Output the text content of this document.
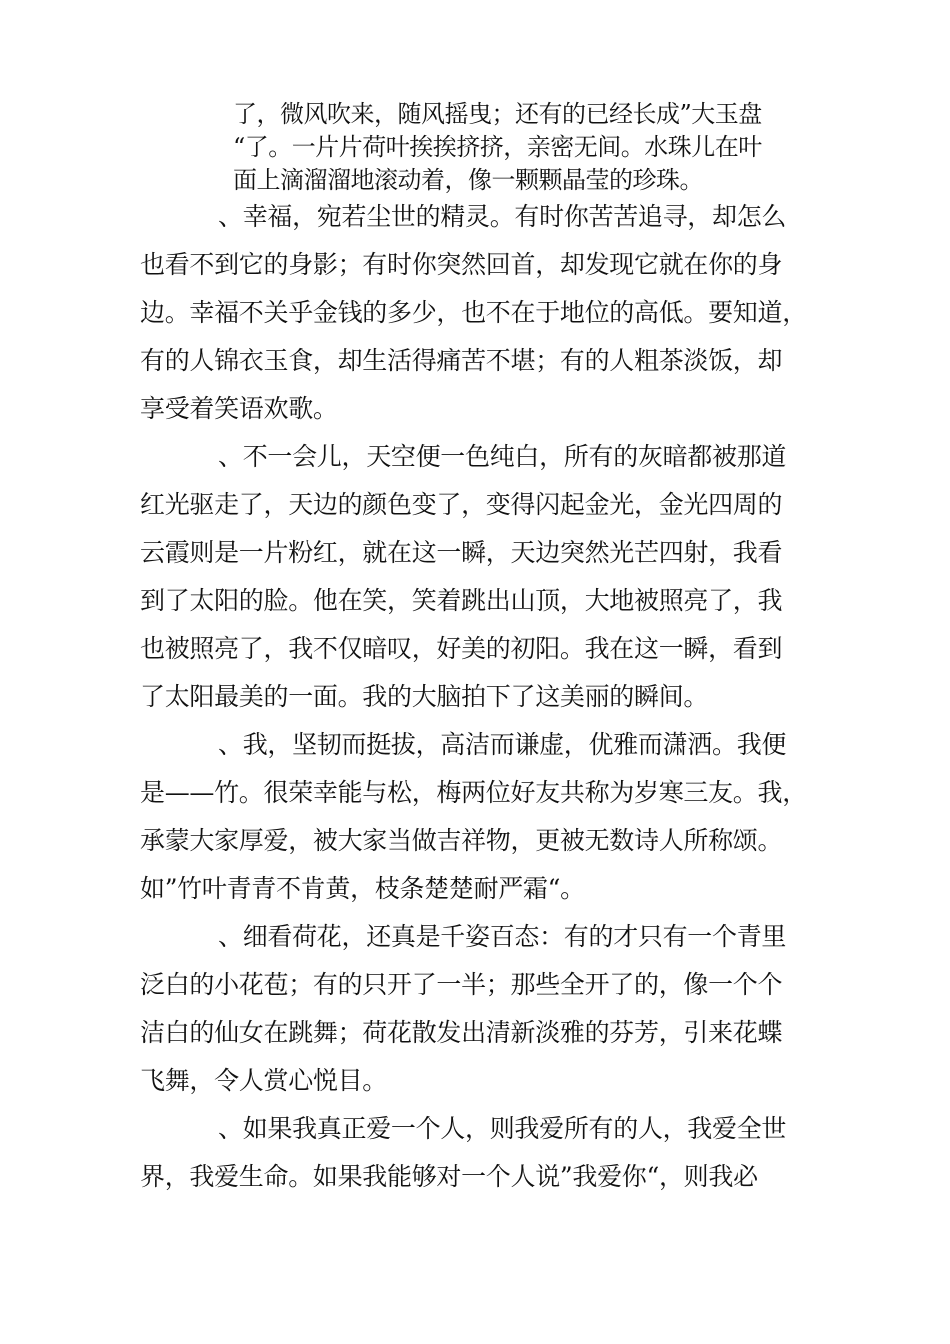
了，微风吹来，随风摇曳；还有的已经长成”大玉盘
“了。一片片荷叶挨挨挤挤，亲密无间。水珠儿在叶
面上滴溜溜地滚动着，像一颗颗晶莹的珍珠。
、幸福，宛若尘世的精灵。有时你苦苦追寻，却怎么
也看不到它的身影；有时你突然回首，却发现它就在你的身
边。幸福不关乎金钱的多少，也不在于地位的高低。要知道，
有的人锦衣玉食，却生活得痛苦不堪；有的人粗茶淡饭，却
享受着笑语欢歌。
、不一会儿，天空便一色纯白，所有的灰暗都被那道
红光驱走了，天边的颜色变了，变得闪起金光，金光四周的
云霞则是一片粉红，就在这一瞬，天边突然光芒四射，我看
到了太阳的脸。他在笑，笑着跳出山顶，大地被照亮了，我
也被照亮了，我不仅暗叹，好美的初阳。我在这一瞬，看到
了太阳最美的一面。我的大脑拍下了这美丽的瞬间。
、我，坚韧而挺拔，高洁而谦虚，优雅而潇洒。我便
是——竹。很荣幸能与松，梅两位好友共称为岁寒三友。我，
承蒙大家厚爱，被大家当做吉祥物，更被无数诗人所称颂。
如”竹叶青青不肯黄，枝条楚楚耐严霜“。
、细看荷花，还真是千姿百态：有的才只有一个青里
泛白的小花苞；有的只开了一半；那些全开了的，像一个个
洁白的仙女在跳舞；荷花散发出清新淡雅的芬芳，引来花蝶
飞舞，令人赏心悦目。
、如果我真正爱一个人，则我爱所有的人，我爱全世
界，我爱生命。如果我能够对一个人说”我爱你“，则我必
